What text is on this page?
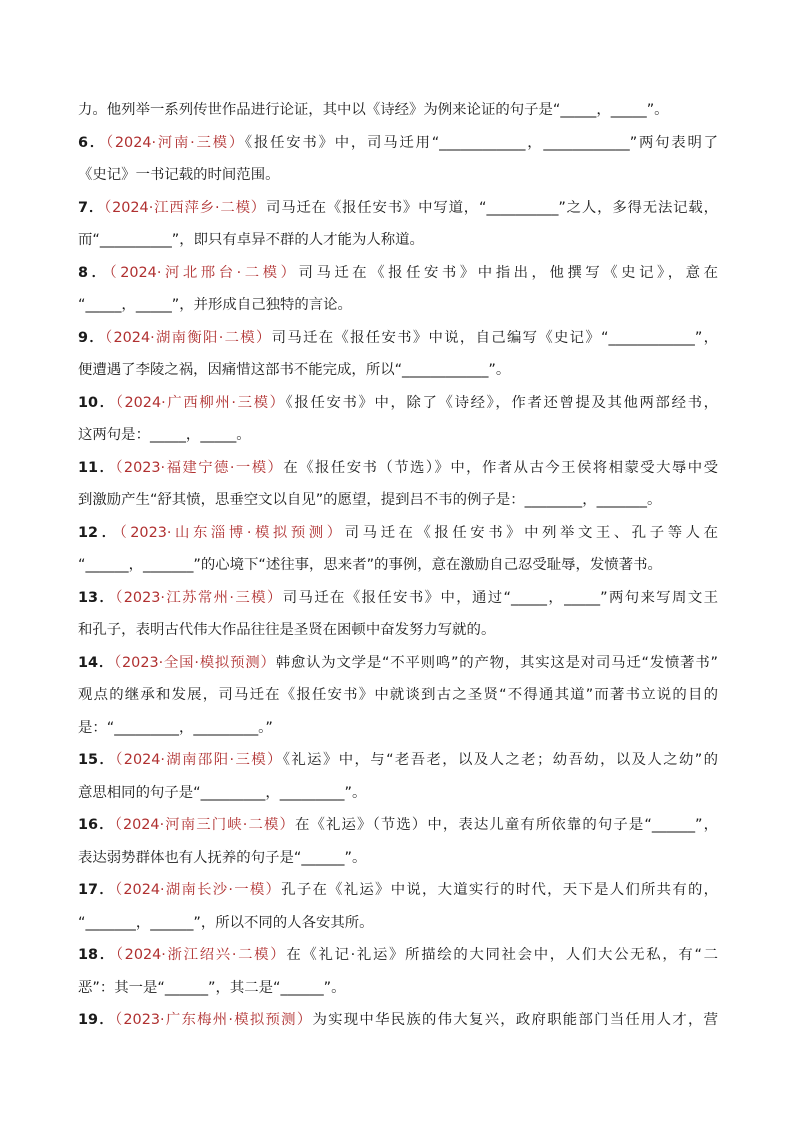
力。他列举一系列传世作品进行论证，其中以《诗经》为例来论证的句子是“_____，_____”。
6．（2024·河南·三模）《报任安书》中，司马迁用“____________，____________”两句表明了
《史记》一书记载的时间范围。
7．（2024·江西萍乡·二模）司马迁在《报任安书》中写道，“__________”之人，多得无法记载，
而“__________”，即只有卓异不群的人才能为人称道。
8．（2024·河北邢台·二模）司马迁在《报任安书》中指出，他撰写《史记》，意在
“_____，_____”，并形成自己独特的言论。
9．（2024·湖南衡阳·二模）司马迁在《报任安书》中说，自己编写《史记》“____________”，
便遭遇了李陵之祸，因痛惜这部书不能完成，所以“____________”。
10．（2024·广西柳州·三模）《报任安书》中，除了《诗经》，作者还曾提及其他两部经书，
这两句是：_____，_____。
11．（2023·福建宁德·一模）在《报任安书（节选）》中，作者从古今王侯将相蒙受大辱中受
到激励产生“舒其愤，思垂空文以自见”的愿望，提到吕不韦的例子是：________，_______。
12．（2023·山东淄博·模拟预测）司马迁在《报任安书》中列举文王、孔子等人在
“______，_______”的心境下“述往事，思来者”的事例，意在激励自己忍受耻辱，发愤著书。
13．（2023·江苏常州·三模）司马迁在《报任安书》中，通过“_____，_____”两句来写周文王
和孔子，表明古代伟大作品往往是圣贤在困顿中奋发努力写就的。
14．（2023·全国·模拟预测）韩愈认为文学是“不平则鸣”的产物，其实这是对司马迁“发愤著书”
观点的继承和发展，司马迁在《报任安书》中就谈到古之圣贤“不得通其道”而著书立说的目的
是：“_________，_________。”
15．（2024·湖南邵阳·三模）《礼运》中，与“老吾老，以及人之老；幼吾幼，以及人之幼”的
意思相同的句子是“_________，_________”。
16．（2024·河南三门峡·二模）在《礼运》（节选）中，表达儿童有所依靠的句子是“______”，
表达弱势群体也有人抚养的句子是“______”。
17．（2024·湖南长沙·一模）孔子在《礼运》中说，大道实行的时代，天下是人们所共有的，
“_______，______”，所以不同的人各安其所。
18．（2024·浙江绍兴·二模）在《礼记·礼运》所描绘的大同社会中，人们大公无私，有“二
恶”：其一是“______”，其二是“______”。
19．（2023·广东梅州·模拟预测）为实现中华民族的伟大复兴，政府职能部门当任用人才，营
